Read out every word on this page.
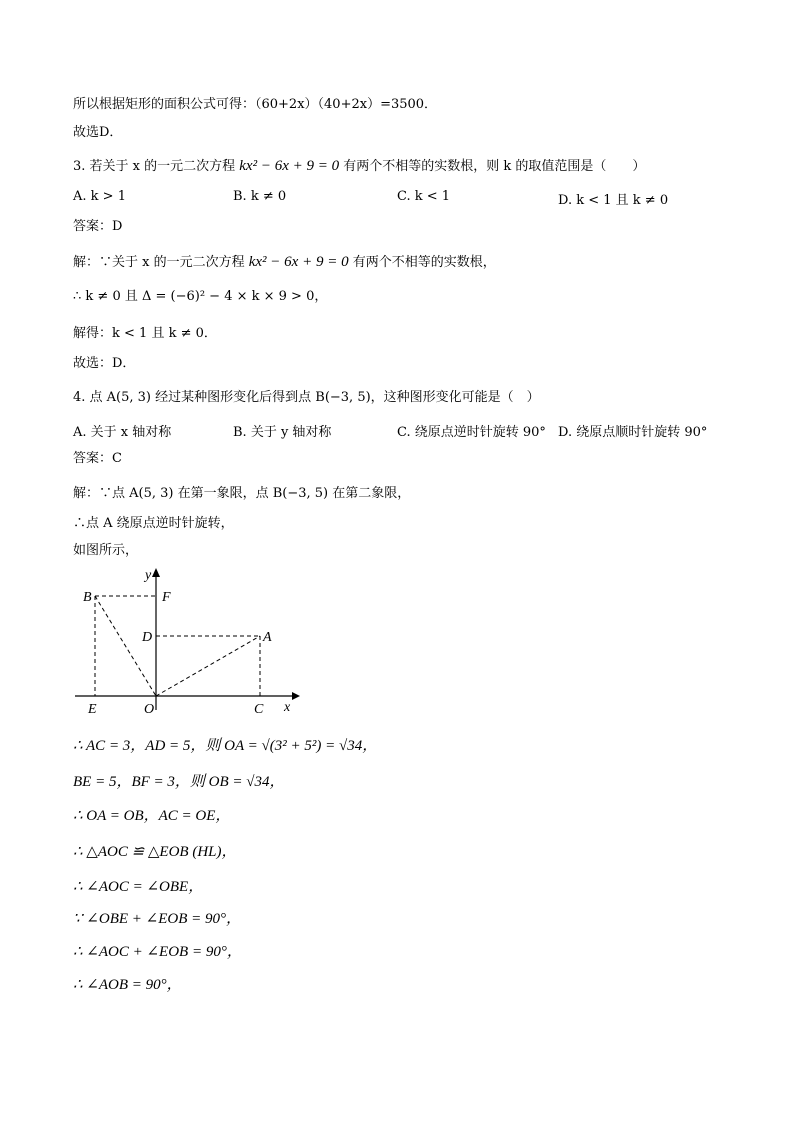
所以根据矩形的面积公式可得：（60+2x）（40+2x）=3500．
故选D．
3. 若关于 x 的一元二次方程 kx² − 6x + 9 = 0 有两个不相等的实数根，则 k 的取值范围是（　　）
A. k > 1	B. k ≠ 0	C. k < 1	D. k < 1 且 k ≠ 0
答案：D
解：∵关于 x 的一元二次方程 kx² − 6x + 9 = 0 有两个不相等的实数根，
∴ k ≠ 0 且 Δ = (−6)² − 4 × k × 9 > 0，
解得：k < 1 且 k ≠ 0．
故选：D．
4. 点 A(5, 3) 经过某种图形变化后得到点 B(−3, 5)，这种图形变化可能是（　）
A. 关于 x 轴对称	B. 关于 y 轴对称	C. 绕原点逆时针旋转 90° D. 绕原点顺时针旋转 90°
答案：C
解：∵点 A(5, 3) 在第一象限，点 B(−3, 5) 在第二象限，
∴点 A 绕原点逆时针旋转，
如图所示，
y
x
B	F
D	A
E	O	C
∴ AC = 3，AD = 5，则 OA = √(3² + 5²) = √34，
BE = 5，BF = 3，则 OB = √34，
∴ OA = OB，AC = OE，
∴ △AOC ≌ △EOB (HL)，
∴ ∠AOC = ∠OBE，
∵ ∠OBE + ∠EOB = 90°，
∴ ∠AOC + ∠EOB = 90°，
∴ ∠AOB = 90°，
